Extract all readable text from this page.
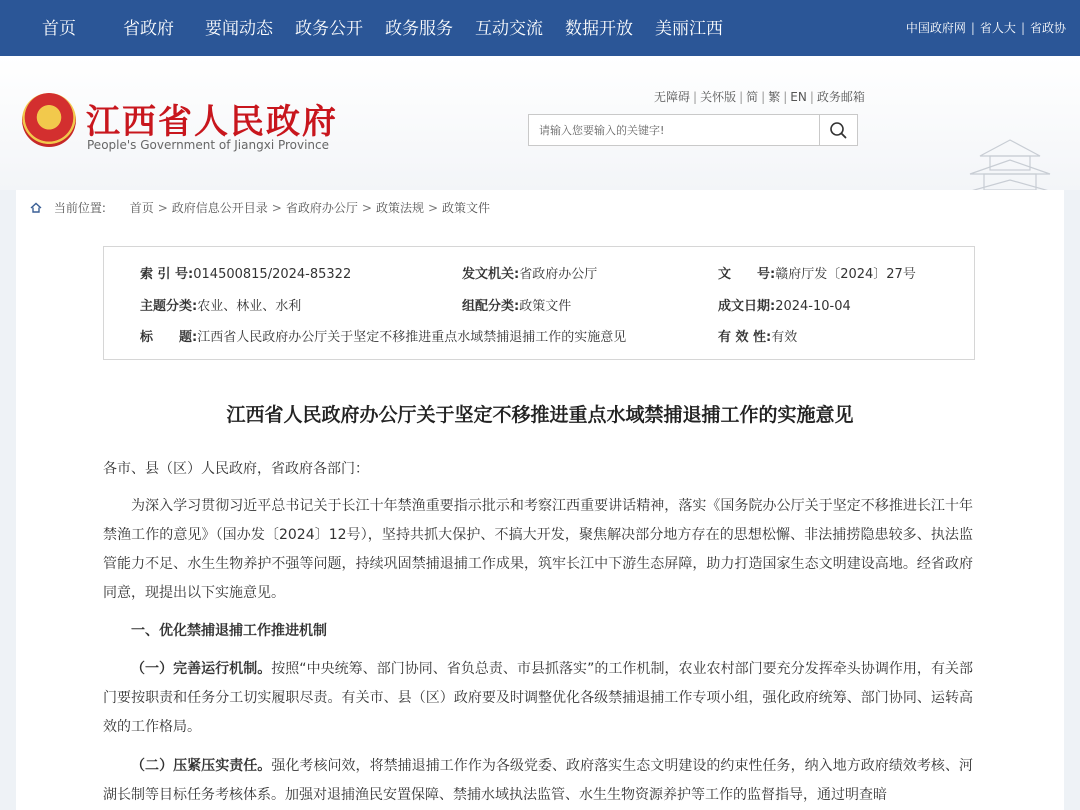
首页	省政府 要闻动态 政务公开 政务服务 互动交流 数据开放 美丽江西	中国政府网 | 省人大 | 省政协
江西省人民政府
People's Government of Jiangxi Province
无障碍 | 关怀版 | 简 | 繁 | EN | 政务邮箱
请输入您要输入的关键字!
当前位置: 首页 > 政府信息公开目录 > 省政府办公厅 > 政策法规 > 政策文件
索 引 号:014500815/2024-85322	发文机关:省政府办公厅	文　　号:赣府厅发〔2024〕27号
主题分类:农业、林业、水利	组配分类:政策文件	成文日期:2024-10-04
标　　题:江西省人民政府办公厅关于坚定不移推进重点水域禁捕退捕工作的实施意见	有 效 性:有效
江西省人民政府办公厅关于坚定不移推进重点水域禁捕退捕工作的实施意见
各市、县（区）人民政府，省政府各部门：
为深入学习贯彻习近平总书记关于长江十年禁渔重要指示批示和考察江西重要讲话精神，落实《国务院办公厅关于坚定不移推进长江十年禁渔工作的意见》（国办发〔2024〕12号），坚持共抓大保护、不搞大开发，聚焦解决部分地方存在的思想松懈、非法捕捞隐患较多、执法监管能力不足、水生生物养护不强等问题，持续巩固禁捕退捕工作成果，筑牢长江中下游生态屏障，助力打造国家生态文明建设高地。经省政府同意，现提出以下实施意见。
一、优化禁捕退捕工作推进机制
（一）完善运行机制。按照“中央统筹、部门协同、省负总责、市县抓落实”的工作机制，农业农村部门要充分发挥牵头协调作用，有关部门要按职责和任务分工切实履职尽责。有关市、县（区）政府要及时调整优化各级禁捕退捕工作专项小组，强化政府统筹、部门协同、运转高效的工作格局。
（二）压紧压实责任。强化考核问效，将禁捕退捕工作作为各级党委、政府落实生态文明建设的约束性任务，纳入地方政府绩效考核、河湖长制等目标任务考核体系。加强对退捕渔民安置保障、禁捕水域执法监管、水生生物资源养护等工作的监督指导，通过明查暗
